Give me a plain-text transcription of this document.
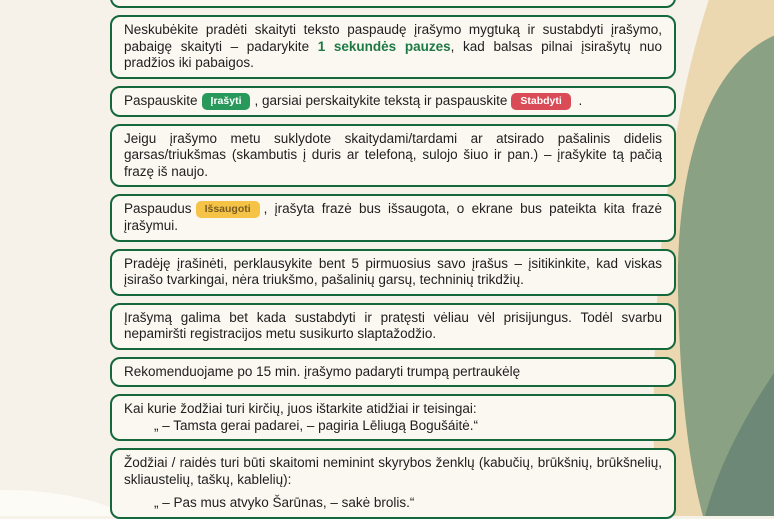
Neskubėkite pradėti skaityti teksto paspaudę įrašymo mygtuką ir sustabdyti įrašymo, pabaigę skaityti – padarykite 1 sekundės pauzes, kad balsas pilnai įsirašytų nuo pradžios iki pabaigos.
Paspauskite Įrašyti , garsiai perskaitykite tekstą ir paspauskite Stabdyti .
Jeigu įrašymo metu suklydote skaitydami/tardami ar atsirado pašalinis didelis garsas/triukšmas (skambutis į duris ar telefoną, sulojo šiuo ir pan.) – įrašykite tą pačią frazę iš naujo.
Paspaudus Išsaugoti , įrašyta frazė bus išsaugota, o ekrane bus pateikta kita frazė įrašymui.
Pradėję įrašinėti, perklausykite bent 5 pirmuosius savo įrašus – įsitikinkite, kad viskas įsirašo tvarkingai, nėra triukšmo, pašalinių garsų, techninių trikdžių.
Įrašymą galima bet kada sustabdyti ir pratęsti vėliau vėl prisijungus. Todėl svarbu nepamiršti registracijos metu susikurto slaptažodžio.
Rekomenduojame po 15 min. įrašymo padaryti trumpą pertraukėlę
Kai kurie žodžiai turi kirčių, juos ištarkite atidžiai ir teisingai:
„ – Tamsta gerai padarei, – pagiria Lēliugą Bogušáitė.“
Žodžiai / raidės turi būti skaitomi neminint skyrybos ženklų (kabučių, brūkšnių, brūkšnelių, skliaustelių, taškų, kablelių):
„ – Pas mus atvyko Šarūnas, – sakė brolis.“
